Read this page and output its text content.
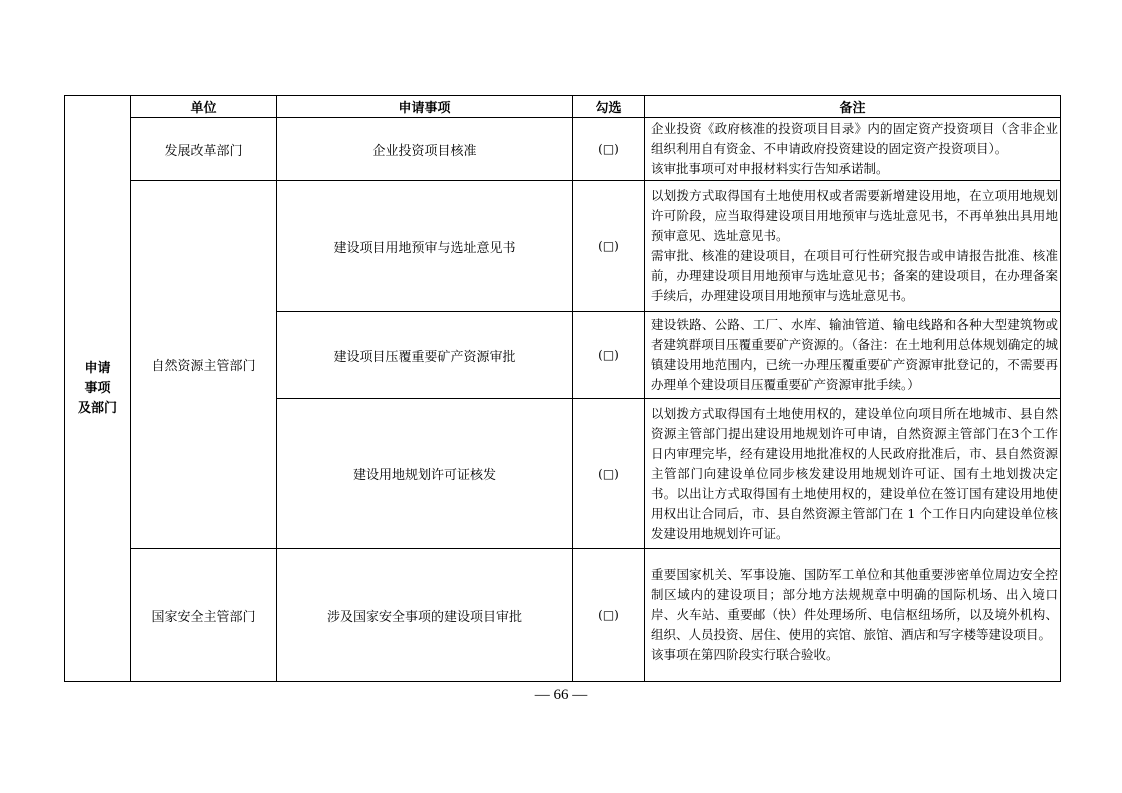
申请
事项
及部门	单位	申请事项	勾选	备注
	发展改革部门	企业投资项目核准	(□)	企业投资《政府核准的投资项目目录》内的固定资产投资项目（含非企业组织利用自有资金、不申请政府投资建设的固定资产投资项目）。
该审批事项可对申报材料实行告知承诺制。

	自然资源主管部门	建设项目用地预审与选址意见书	(□)	以划拨方式取得国有土地使用权或者需要新增建设用地，在立项用地规划许可阶段，应当取得建设项目用地预审与选址意见书，不再单独出具用地预审意见、选址意见书。
需审批、核准的建设项目，在项目可行性研究报告或申请报告批准、核准前，办理建设项目用地预审与选址意见书；备案的建设项目，在办理备案手续后，办理建设项目用地预审与选址意见书。

		建设项目压覆重要矿产资源审批	(□)	建设铁路、公路、工厂、水库、输油管道、输电线路和各种大型建筑物或者建筑群项目压覆重要矿产资源的。（备注：在土地利用总体规划确定的城镇建设用地范围内，已统一办理压覆重要矿产资源审批登记的，不需要再办理单个建设项目压覆重要矿产资源审批手续。）

		建设用地规划许可证核发	(□)	以划拨方式取得国有土地使用权的，建设单位向项目所在地城市、县自然资源主管部门提出建设用地规划许可申请，自然资源主管部门在3个工作日内审理完毕，经有建设用地批准权的人民政府批准后，市、县自然资源主管部门向建设单位同步核发建设用地规划许可证、国有土地划拨决定书。以出让方式取得国有土地使用权的，建设单位在签订国有建设用地使用权出让合同后，市、县自然资源主管部门在 1 个工作日内向建设单位核发建设用地规划许可证。

	国家安全主管部门	涉及国家安全事项的建设项目审批	(□)	重要国家机关、军事设施、国防军工单位和其他重要涉密单位周边安全控制区域内的建设项目；部分地方法规规章中明确的国际机场、出入境口岸、火车站、重要邮（快）件处理场所、电信枢纽场所，以及境外机构、组织、人员投资、居住、使用的宾馆、旅馆、酒店和写字楼等建设项目。
该事项在第四阶段实行联合验收。
— 66 —
